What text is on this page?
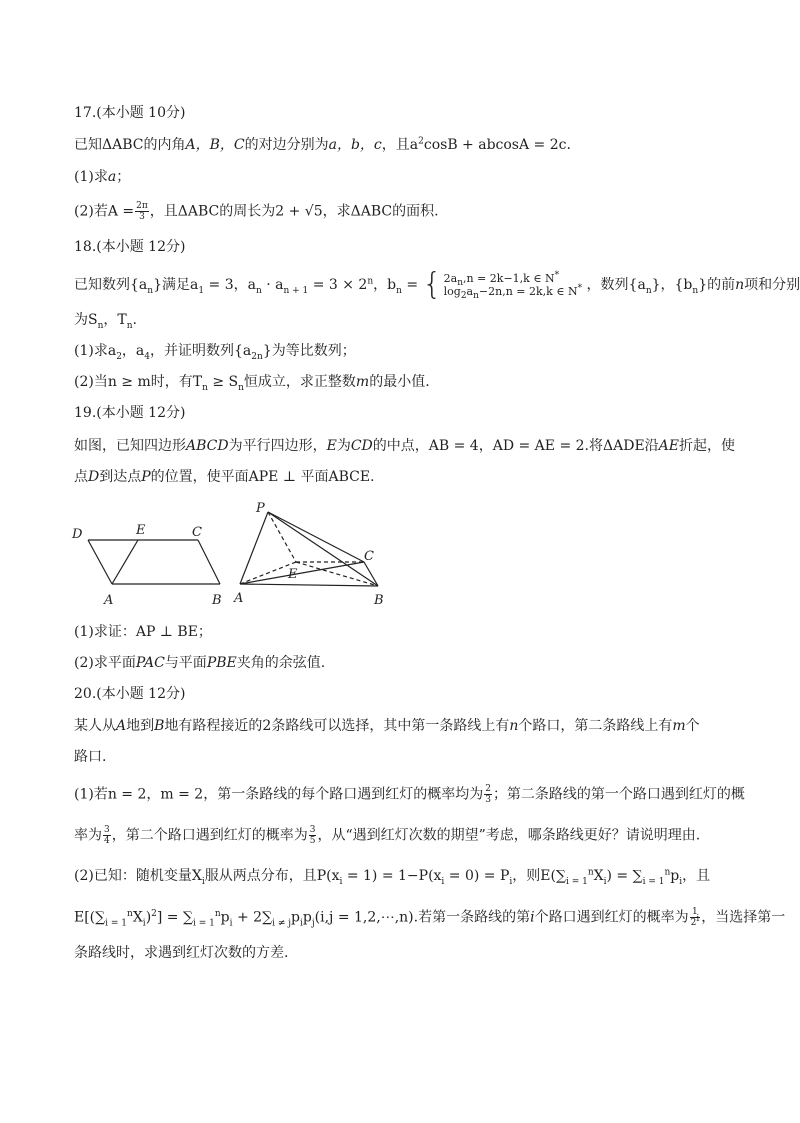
17.(本小题 10分)
已知ΔABC的内角A，B，C的对边分别为a，b，c，且$a^2\cos B + abcosA = 2c$.
(1)求a；
(2)若$A = \frac{2\pi}{3}$ ，且ΔABC的周长为2 + √5，求ΔABC的面积.
18.(本小题 12分)
已知数列$\{a_n\}$满足$a_1 = 3$，$a_n \cdot a_{n + 1} = 3 \times 2^n$，$b_n$ = { $2a_n,n = 2k-1,k$ ∈ N*
$\log_2a_n-2n,n = 2k,k$ ∈ N* ，数列$\{a_n\}$，$\{b_n\}$的前n项和分别
为$S_n$，$T_n$.
(1)求$a_2$，$a_4$，并证明数列$\{a_{2n}\}$为等比数列；
(2)当n ≥ m时，有$T_n \ge S_n$恒成立，求正整数m的最小值.
19.(本小题 12分)
如图，已知四边形ABCD为平行四边形，E为CD的中点，AB = 4，AD = AE = 2.将ΔADE沿AE折起，使
点D到达点P的位置，使平面APE ⊥ 平面ABCE.
D	E	C
A	B
P
C
E
A	B
(1)求证：AP ⊥ BE；
(2)求平面PAC与平面PBE夹角的余弦值.
20.(本小题 12分)
某人从A地到B地有路程接近的2条路线可以选择，其中第一条路线上有n个路口，第二条路线上有m个
路口.
(1)若n = 2，m = 2，第一条路线的每个路口遇到红灯的概率均为 $\frac{2}{3}$ ；第二条路线的第一个路口遇到红灯的概
率为 $\frac{3}{4}$ ，第二个路口遇到红灯的概率为 $\frac{3}{5}$ ，从“遇到红灯次数的期望”考虑，哪条路线更好？请说明理由.
(2)已知：随机变量$X_i$服从两点分布，且$P(x_i = 1) = 1-P(x_i = 0) = P_i$，则$E(\sum_{i = 1}^nX_i) = \sum_{i = 1}^np_i$，且
$E[(\sum_{i = 1}^nX_i)^2] = \sum_{i = 1}^np_i + 2\sum_{i \ne j}p_ip_j(i,j$ = 1,2,⋯,n).若第一条路线的第i个路口遇到红灯的概率为 $\frac{1}{2^i}$ ，当选择第一
条路线时，求遇到红灯次数的方差.
